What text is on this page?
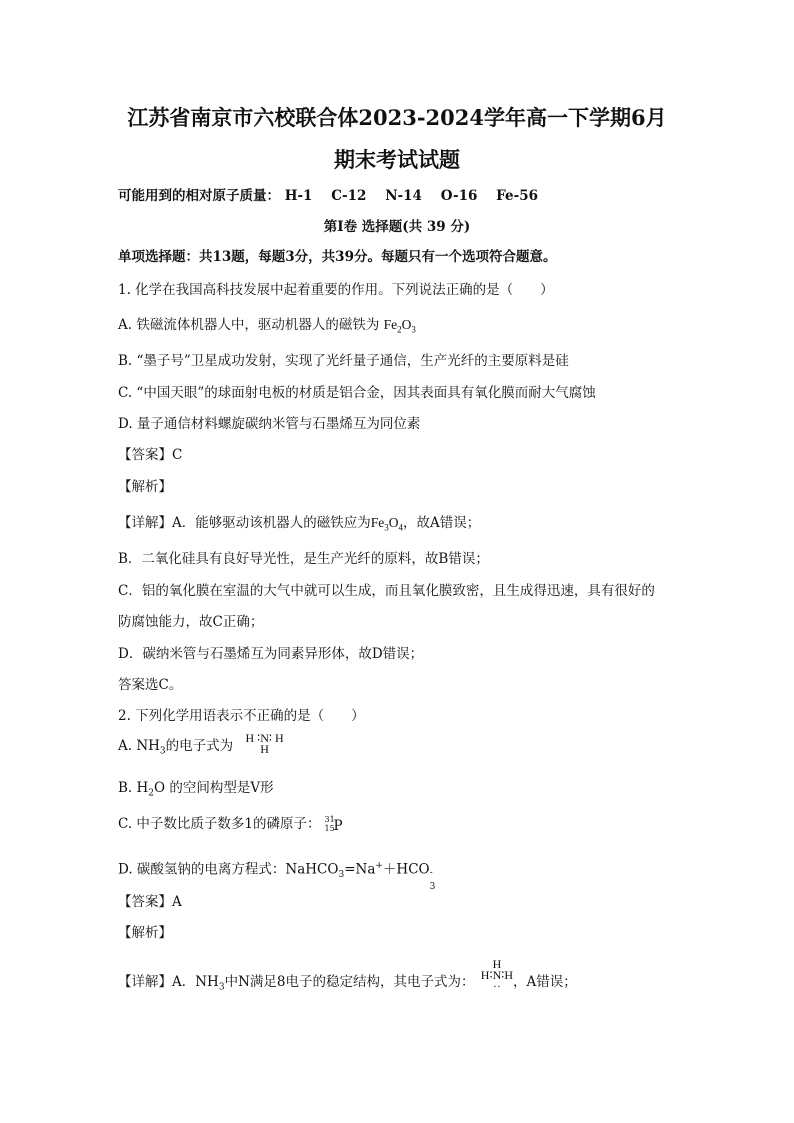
江苏省南京市六校联合体2023-2024学年高一下学期6月
期末考试试题
可能用到的相对原子质量： H-1    C-12    N-14    O-16    Fe-56
第Ⅰ卷 选择题(共 39 分)
单项选择题：共13题，每题3分，共39分。每题只有一个选项符合题意。
1. 化学在我国高科技发展中起着重要的作用。下列说法正确的是（　　）
A. 铁磁流体机器人中，驱动机器人的磁铁为 $Fe_2O_3$
B. “墨子号”卫星成功发射，实现了光纤量子通信，生产光纤的主要原料是硅
C. “中国天眼”的球面射电板的材质是铝合金，因其表面具有氧化膜而耐大气腐蚀
D. 量子通信材料螺旋碳纳米管与石墨烯互为同位素
【答案】C
【解析】
【详解】A．能够驱动该机器人的磁铁应为$Fe_3O_4$，故A错误；
B．二氧化硅具有良好导光性，是生产光纤的原料，故B错误；
C．铝的氧化膜在室温的大气中就可以生成，而且氧化膜致密，且生成得迅速，具有很好的
防腐蚀能力，故C正确；
D．碳纳米管与石墨烯互为同素异形体，故D错误；
答案选C。
2. 下列化学用语表示不正确的是（　　）
A. $NH_3$的电子式为
H ∶N∶ H
H
B. $H_2O$ 的空间构型是V形
C. 中子数比质子数多1的磷原子： 31
15
P
D. 碳酸氢钠的电离方程式：NaHCO$_3$=Na+＋HCO -
3
【答案】A
【解析】
【详解】A．$NH_3$中N满足8电子的稳定结构，其电子式为：
H
H∶N∶H
·· ，A错误；
